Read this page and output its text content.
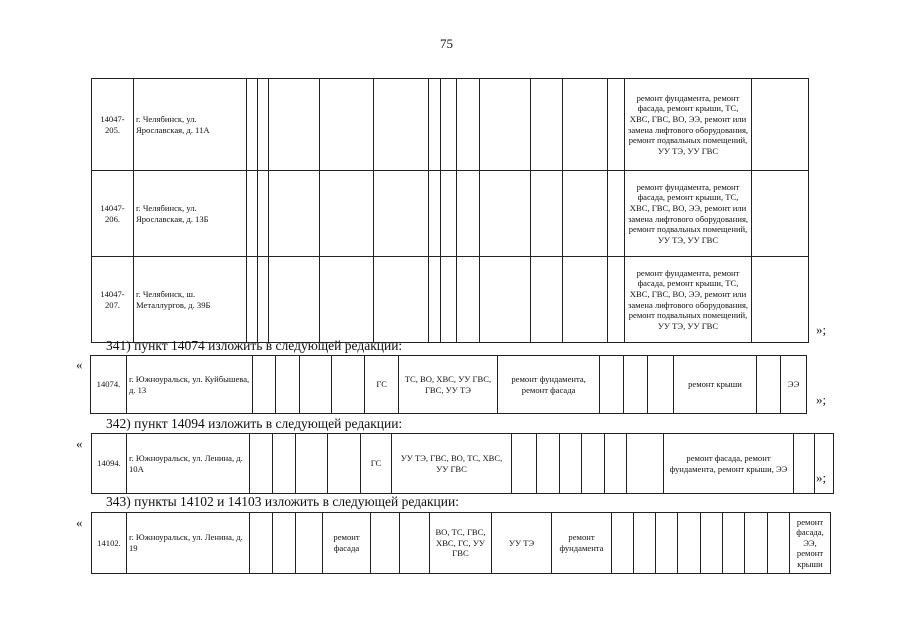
75
14047-205.	г. Челябинск, ул. Ярославская, д. 11А													ремонт фундамента, ремонт фасада, ремонт крыши, ТС, ХВС, ГВС, ВО, ЭЭ, ремонт или замена лифтового оборудования, ремонт подвальных помещений, УУ ТЭ, УУ ГВС	
14047-206.	г. Челябинск, ул. Ярославская, д. 13Б													ремонт фундамента, ремонт фасада, ремонт крыши, ТС, ХВС, ГВС, ВО, ЭЭ, ремонт или замена лифтового оборудования, ремонт подвальных помещений, УУ ТЭ, УУ ГВС	
14047-207.	г. Челябинск, ш. Металлургов, д. 39Б													ремонт фундамента, ремонт фасада, ремонт крыши, ТС, ХВС, ГВС, ВО, ЭЭ, ремонт или замена лифтового оборудования, ремонт подвальных помещений, УУ ТЭ, УУ ГВС		»;
341) пункт 14074 изложить в следующей редакции:
«
14074.	г. Южноуральск, ул. Куйбышева, д. 13					ГС	ТС, ВО, ХВС, УУ ГВС, ГВС, УУ ТЭ	ремонт фундамента, ремонт фасада				ремонт крыши		ЭЭ
»;
342) пункт 14094 изложить в следующей редакции:
«
14094.	г. Южноуральск, ул. Ленина, д. 10А					ГС	УУ ТЭ, ГВС, ВО, ТС, ХВС, УУ ГВС							ремонт фасада, ремонт фундамента, ремонт крыши, ЭЭ		
»;
343) пункты 14102 и 14103 изложить в следующей редакции:
«
14102.	г. Южноуральск, ул. Ленина, д. 19				ремонт фасада			ВО, ТС, ГВС, ХВС, ГС, УУ ГВС	УУ ТЭ	ремонт фундамента									ремонт фасада, ЭЭ, ремонт крыши
